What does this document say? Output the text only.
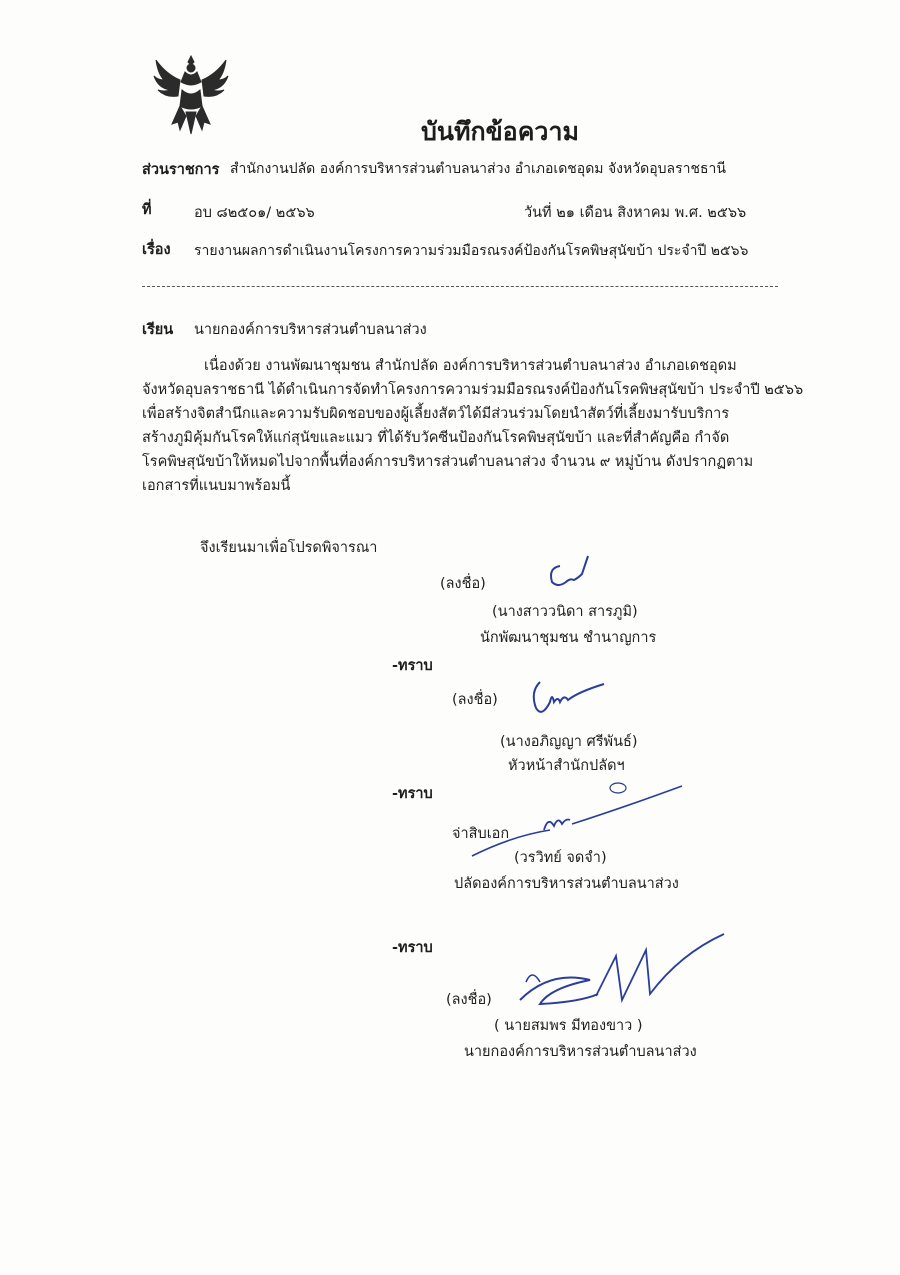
บันทึกข้อความ
ส่วนราชการ สำนักงานปลัด องค์การบริหารส่วนตำบลนาส่วง อำเภอเดชอุดม จังหวัดอุบลราชธานี
ที่	อบ ๘๒๕๐๑/ ๒๕๖๖	วันที่ ๒๑ เดือน สิงหาคม พ.ศ. ๒๕๖๖
เรื่อง รายงานผลการดำเนินงานโครงการความร่วมมือรณรงค์ป้องกันโรคพิษสุนัขบ้า ประจำปี ๒๕๖๖
เรียน นายกองค์การบริหารส่วนตำบลนาส่วง
เนื่องด้วย งานพัฒนาชุมชน สำนักปลัด องค์การบริหารส่วนตำบลนาส่วง อำเภอเดชอุดม
จังหวัดอุบลราชธานี ได้ดำเนินการจัดทำโครงการความร่วมมือรณรงค์ป้องกันโรคพิษสุนัขบ้า ประจำปี ๒๕๖๖
เพื่อสร้างจิตสำนึกและความรับผิดชอบของผู้เลี้ยงสัตว์ได้มีส่วนร่วมโดยนำสัตว์ที่เลี้ยงมารับบริการ
สร้างภูมิคุ้มกันโรคให้แก่สุนัขและแมว ที่ได้รับวัคซีนป้องกันโรคพิษสุนัขบ้า และที่สำคัญคือ กำจัด
โรคพิษสุนัขบ้าให้หมดไปจากพื้นที่องค์การบริหารส่วนตำบลนาส่วง จำนวน ๙ หมู่บ้าน ดังปรากฏตาม
เอกสารที่แนบมาพร้อมนี้
จึงเรียนมาเพื่อโปรดพิจารณา
(ลงชื่อ)
(นางสาววนิดา สารภูมิ)
นักพัฒนาชุมชน ชำนาญการ
-ทราบ
(ลงชื่อ)
(นางอภิญญา ศรีพันธ์)
หัวหน้าสำนักปลัดฯ
-ทราบ
จ่าสิบเอก
(วรวิทย์ จดจำ)
ปลัดองค์การบริหารส่วนตำบลนาส่วง
-ทราบ
(ลงชื่อ)
( นายสมพร มีทองขาว )
นายกองค์การบริหารส่วนตำบลนาส่วง
